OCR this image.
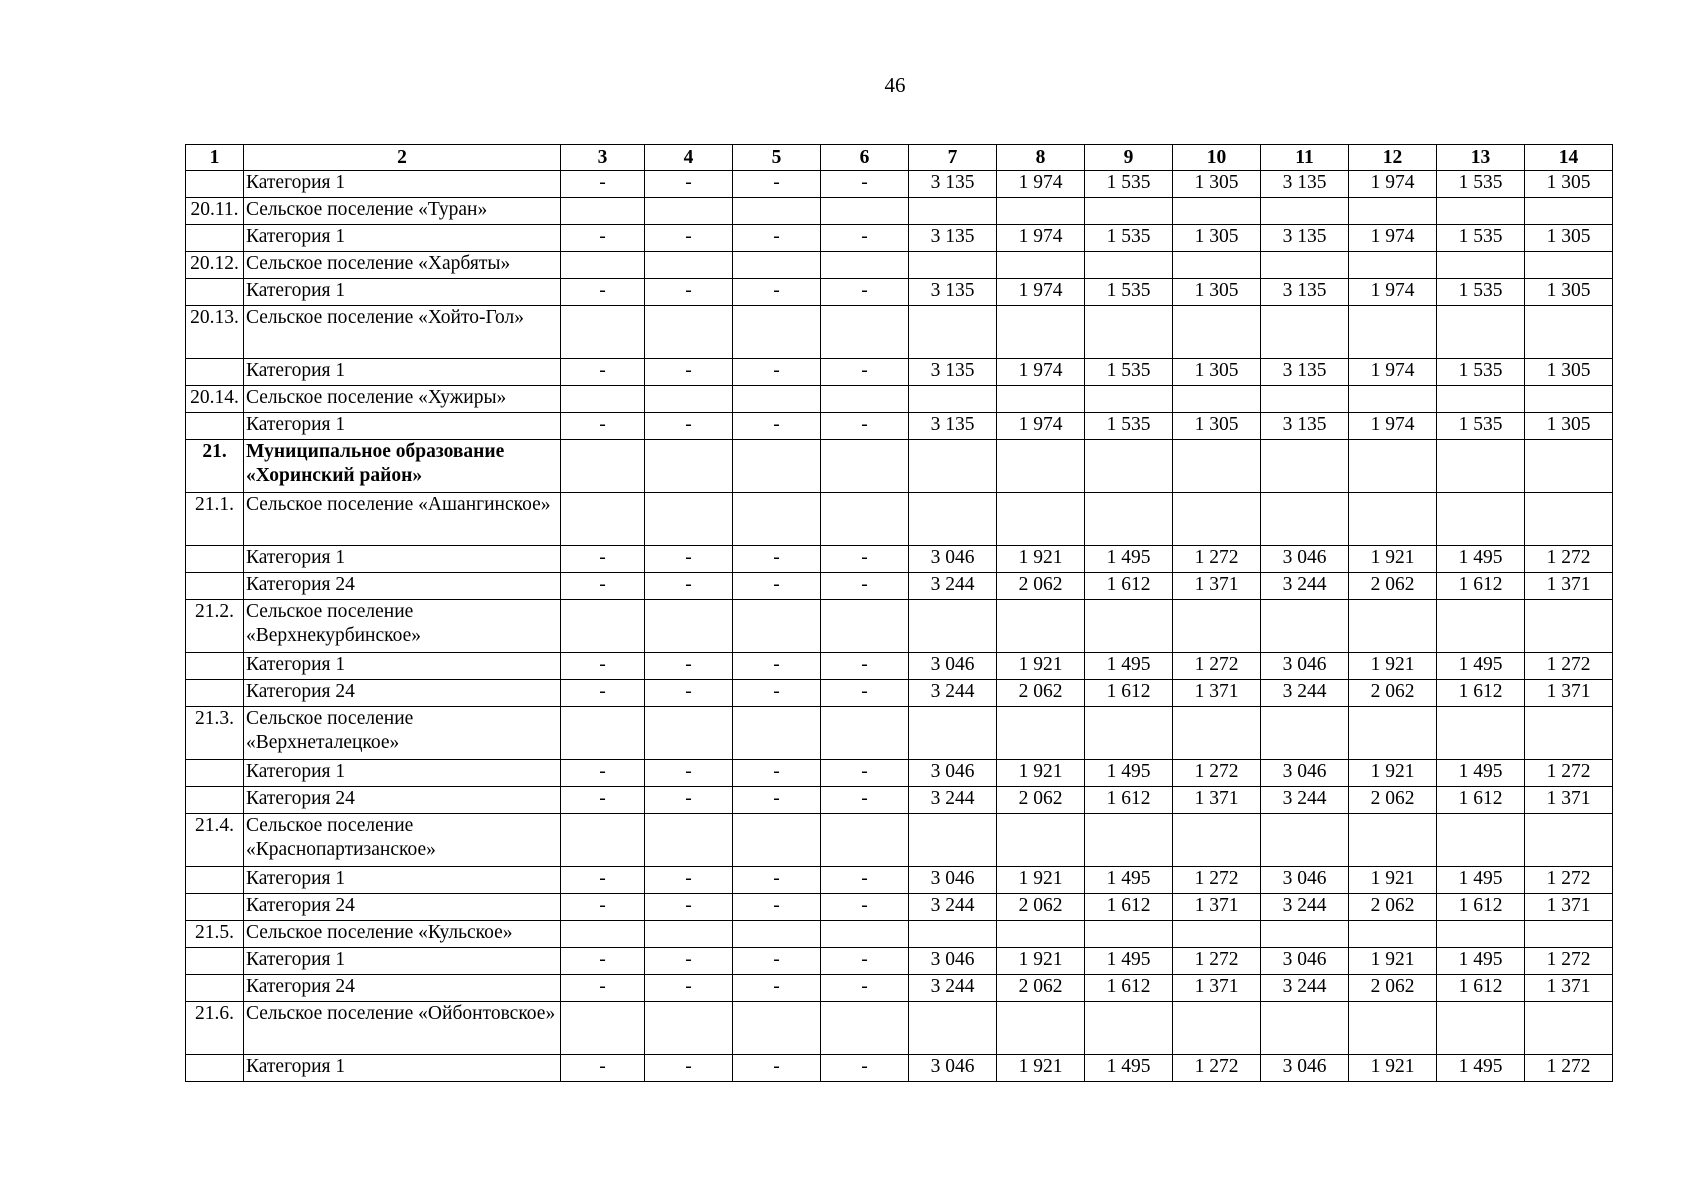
46
1	2	3	4	5	6	7	8	9	10	11	12	13	14
	Категория 1	-	-	-	-	3 135	1 974	1 535	1 305	3 135	1 974	1 535	1 305
20.11.	Сельское поселение «Туран»												
	Категория 1	-	-	-	-	3 135	1 974	1 535	1 305	3 135	1 974	1 535	1 305
20.12.	Сельское поселение «Харбяты»												
	Категория 1	-	-	-	-	3 135	1 974	1 535	1 305	3 135	1 974	1 535	1 305
20.13.	Сельское поселение «Хойто-Гол»												
	Категория 1	-	-	-	-	3 135	1 974	1 535	1 305	3 135	1 974	1 535	1 305
20.14.	Сельское поселение «Хужиры»												
	Категория 1	-	-	-	-	3 135	1 974	1 535	1 305	3 135	1 974	1 535	1 305
21.	Муниципальное образование «Хоринский район»												
21.1.	Сельское поселение «Ашангинское»												
	Категория 1	-	-	-	-	3 046	1 921	1 495	1 272	3 046	1 921	1 495	1 272
	Категория 24	-	-	-	-	3 244	2 062	1 612	1 371	3 244	2 062	1 612	1 371
21.2.	Сельское поселение «Верхнекурбинское»												
	Категория 1	-	-	-	-	3 046	1 921	1 495	1 272	3 046	1 921	1 495	1 272
	Категория 24	-	-	-	-	3 244	2 062	1 612	1 371	3 244	2 062	1 612	1 371
21.3.	Сельское поселение «Верхнеталецкое»												
	Категория 1	-	-	-	-	3 046	1 921	1 495	1 272	3 046	1 921	1 495	1 272
	Категория 24	-	-	-	-	3 244	2 062	1 612	1 371	3 244	2 062	1 612	1 371
21.4.	Сельское поселение «Краснопартизанское»												
	Категория 1	-	-	-	-	3 046	1 921	1 495	1 272	3 046	1 921	1 495	1 272
	Категория 24	-	-	-	-	3 244	2 062	1 612	1 371	3 244	2 062	1 612	1 371
21.5.	Сельское поселение «Кульское»												
	Категория 1	-	-	-	-	3 046	1 921	1 495	1 272	3 046	1 921	1 495	1 272
	Категория 24	-	-	-	-	3 244	2 062	1 612	1 371	3 244	2 062	1 612	1 371
21.6.	Сельское поселение «Ойбонтовское»												
	Категория 1	-	-	-	-	3 046	1 921	1 495	1 272	3 046	1 921	1 495	1 272
